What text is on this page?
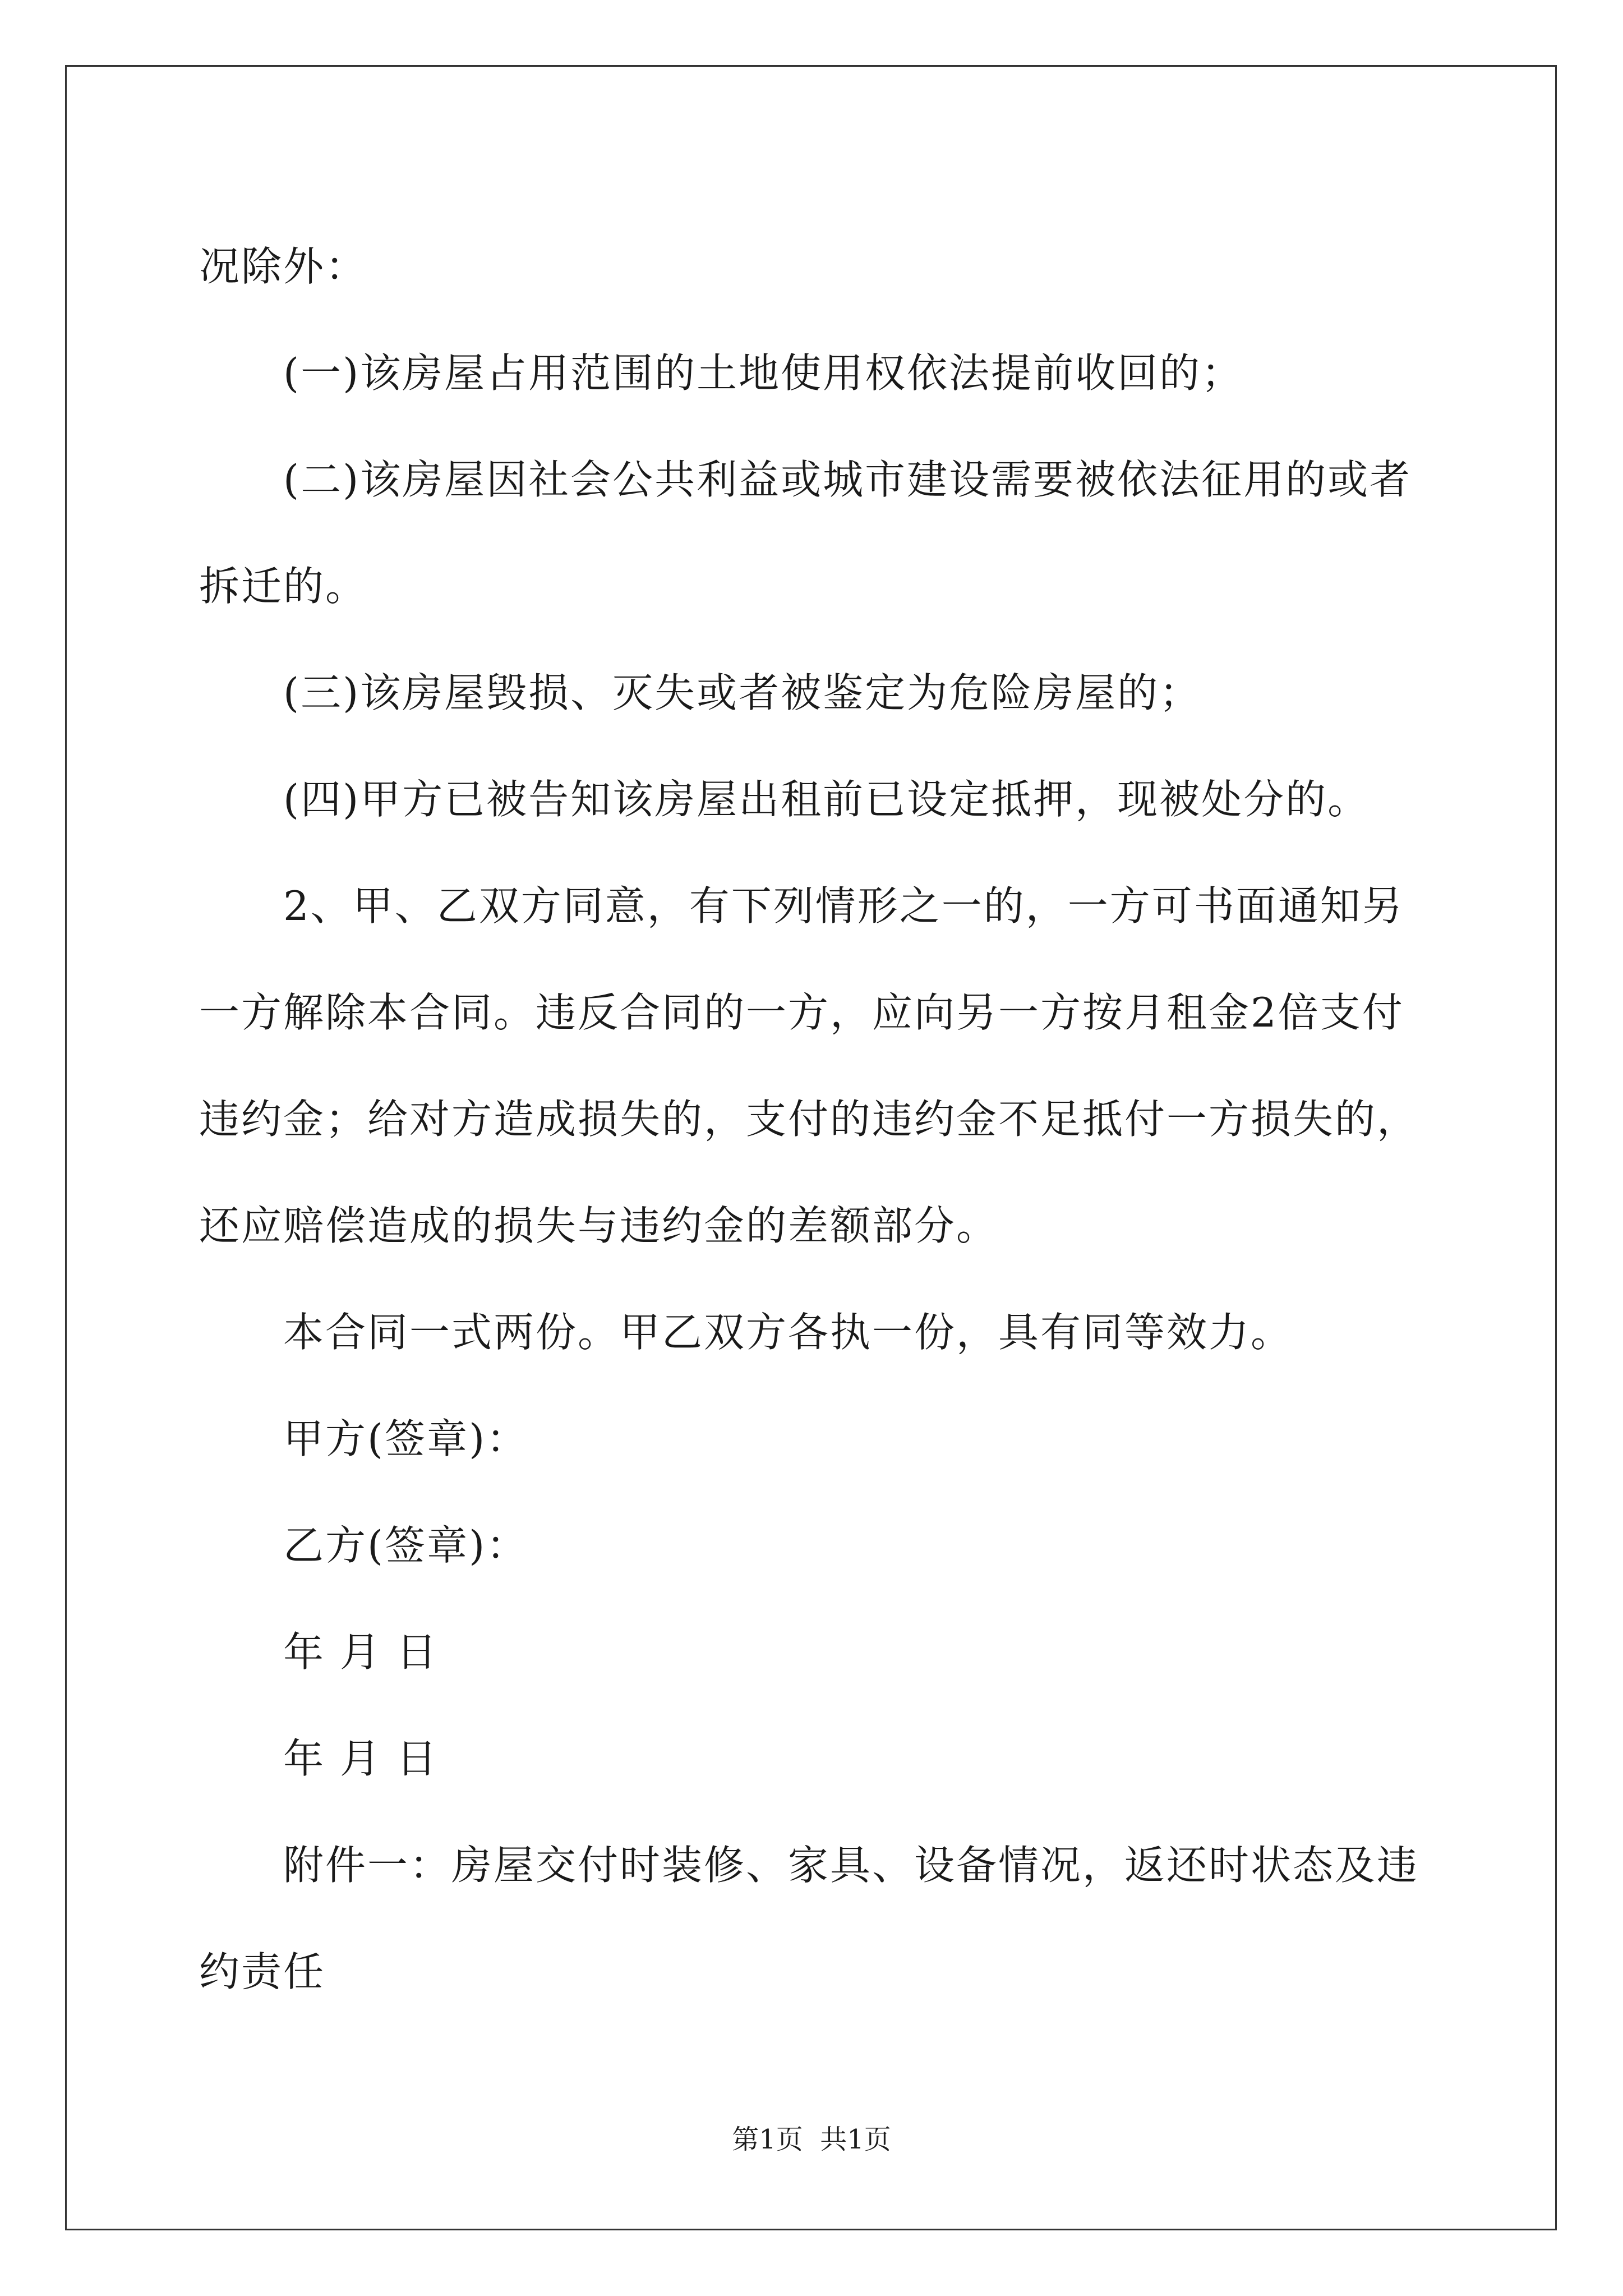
况除外：

(一)该房屋占用范围的土地使用权依法提前收回的；

(二)该房屋因社会公共利益或城市建设需要被依法征用的或者拆迁的。

(三)该房屋毁损、灭失或者被鉴定为危险房屋的；

(四)甲方已被告知该房屋出租前已设定抵押，现被处分的。

2、甲、乙双方同意，有下列情形之一的，一方可书面通知另一方解除本合同。违反合同的一方，应向另一方按月租金2倍支付违约金；给对方造成损失的，支付的违约金不足抵付一方损失的，还应赔偿造成的损失与违约金的差额部分。

本合同一式两份。甲乙双方各执一份，具有同等效力。

甲方(签章)：

乙方(签章)：

年 月 日

年 月 日

附件一：房屋交付时装修、家具、设备情况，返还时状态及违约责任

第1页  共1页
